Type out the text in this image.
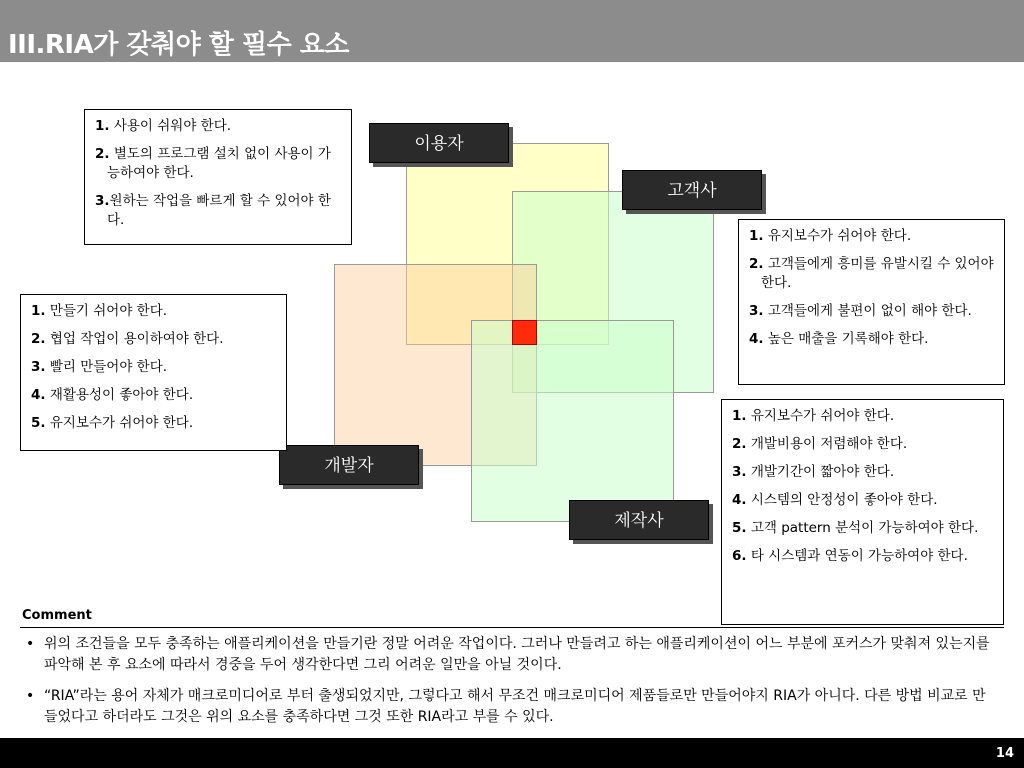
III.RIA가 갖춰야 할 필수 요소
이용자
고객사
개발자
제작사

1. 사용이 쉬워야 한다.

2. 별도의 프로그램 설치 없이 사용이 가능하여야 한다.

3.원하는 작업을 빠르게 할 수 있어야 한다.

1. 유지보수가 쉬어야 한다.

2. 고객들에게 흥미를 유발시킬 수 있어야 한다.

3. 고객들에게 불편이 없이 해야 한다.

4. 높은 매출을 기록해야 한다.

1. 만들기 쉬어야 한다.

2. 협업 작업이 용이하여야 한다.

3. 빨리 만들어야 한다.

4. 재활용성이 좋아야 한다.

5. 유지보수가 쉬어야 한다.	1. 유지보수가 쉬어야 한다.

2. 개발비용이 저렴해야 한다.

3. 개발기간이 짧아야 한다.

4. 시스템의 안정성이 좋아야 한다.

5. 고객 pattern 분석이 가능하여야 한다.

6. 타 시스템과 연동이 가능하여야 한다.

Comment
• 위의 조건들을 모두 충족하는 애플리케이션을 만들기란 정말 어려운 작업이다. 그러나 만들려고 하는 애플리케이션이 어느 부분에 포커스가 맞춰져 있는지를 파악해 본 후 요소에 따라서 경중을 두어 생각한다면 그리 어려운 일만을 아닐 것이다.
• “RIA”라는 용어 자체가 매크로미디어로 부터 출생되었지만, 그렇다고 해서 무조건 매크로미디어 제품들로만 만들어야지 RIA가 아니다. 다른 방법 비교로 만들었다고 하더라도 그것은 위의 요소를 충족하다면 그것 또한 RIA라고 부를 수 있다.
14
